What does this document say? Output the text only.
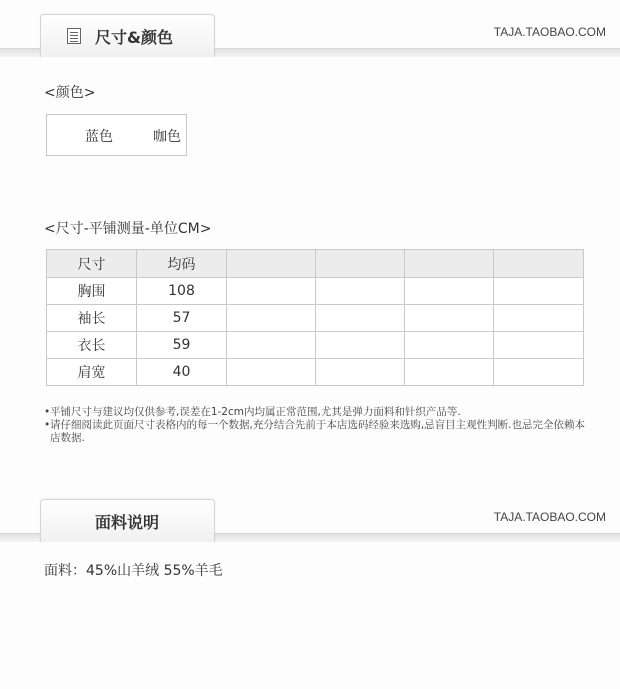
尺寸&颜色	TAJA.TAOBAO.COM
<颜色>
蓝色	咖色
<尺寸-平铺测量-单位CM>
尺寸	均码				
胸围	108				
袖长	57				
衣长	59				
肩宽	40				
• 平铺尺寸与建议均仅供参考,误差在1-2cm内均属正常范围,尤其是弹力面料和针织产品等.
• 请仔细阅读此页面尺寸表格内的每一个数据,充分结合先前于本店选码经验来选购,忌盲目主观性判断.也忌完全依赖本店数据.
面料说明	TAJA.TAOBAO.COM
面料：45%山羊绒 55%羊毛
